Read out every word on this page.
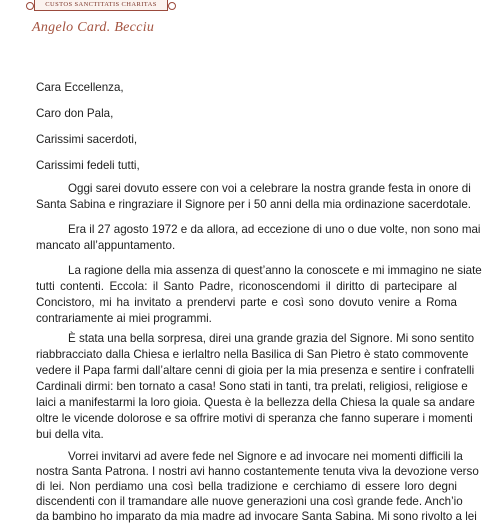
CUSTOS SANCTITATIS CHARITAS
Angelo Card. Becciu
Cara Eccellenza,
Caro don Pala,
Carissimi sacerdoti,
Carissimi fedeli tutti,
Oggi sarei dovuto essere con voi a celebrare la nostra grande festa in onore di
Santa Sabina e ringraziare il Signore per i 50 anni della mia ordinazione sacerdotale.
Era il 27 agosto 1972 e da allora, ad eccezione di uno o due volte, non sono mai
mancato all’appuntamento.
La ragione della mia assenza di quest’anno la conoscete e mi immagino ne siate
tutti contenti. Eccola: il Santo Padre, riconoscendomi il diritto di partecipare al
Concistoro, mi ha invitato a prendervi parte e così sono dovuto venire a Roma
contrariamente ai miei programmi.
È stata una bella sorpresa, direi una grande grazia del Signore. Mi sono sentito
riabbracciato dalla Chiesa e ierlaltro nella Basilica di San Pietro è stato commovente
vedere il Papa farmi dall’altare cenni di gioia per la mia presenza e sentire i confratelli
Cardinali dirmi: ben tornato a casa! Sono stati in tanti, tra prelati, religiosi, religiose e
laici a manifestarmi la loro gioia. Questa è la bellezza della Chiesa la quale sa andare
oltre le vicende dolorose e sa offrire motivi di speranza che fanno superare i momenti
bui della vita.
Vorrei invitarvi ad avere fede nel Signore e ad invocare nei momenti difficili la
nostra Santa Patrona. I nostri avi hanno costantemente tenuta viva la devozione verso
di lei. Non perdiamo una così bella tradizione e cerchiamo di essere loro degni
discendenti con il tramandare alle nuove generazioni una così grande fede. Anch’io
da bambino ho imparato da mia madre ad invocare Santa Sabina. Mi sono rivolto a lei
